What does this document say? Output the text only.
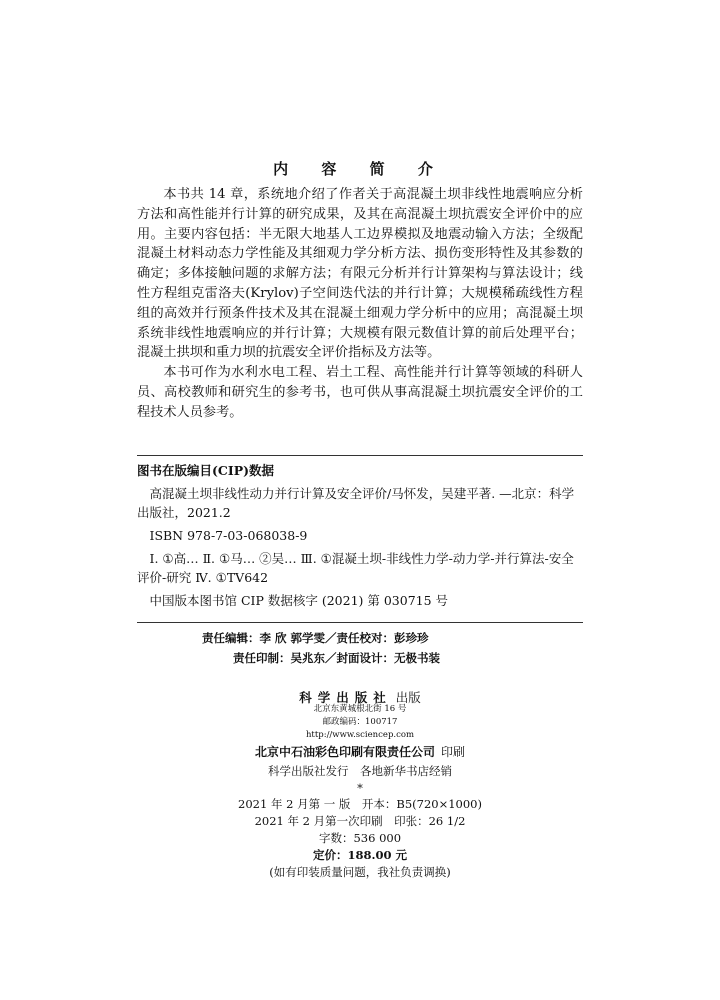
内 容 简 介

本书共 14 章，系统地介绍了作者关于高混凝土坝非线性地震响应分析方法和高性能并行计算的研究成果，及其在高混凝土坝抗震安全评价中的应用。主要内容包括：半无限大地基人工边界模拟及地震动输入方法；全级配混凝土材料动态力学性能及其细观力学分析方法、损伤变形特性及其参数的确定；多体接触问题的求解方法；有限元分析并行计算架构与算法设计；线性方程组克雷洛夫(Krylov)子空间迭代法的并行计算；大规模稀疏线性方程组的高效并行预条件技术及其在混凝土细观力学分析中的应用；高混凝土坝系统非线性地震响应的并行计算；大规模有限元数值计算的前后处理平台；混凝土拱坝和重力坝的抗震安全评价指标及方法等。

本书可作为水利水电工程、岩土工程、高性能并行计算等领域的科研人员、高校教师和研究生的参考书，也可供从事高混凝土坝抗震安全评价的工程技术人员参考。

图书在版编目(CIP)数据
高混凝土坝非线性动力并行计算及安全评价/马怀发，吴建平著. —北京：科学出版社，2021.2
ISBN 978-7-03-068038-9
Ⅰ. ①高… Ⅱ. ①马… ②吴… Ⅲ. ①混凝土坝-非线性力学-动力学-并行算法-安全评价-研究 Ⅳ. ①TV642
中国版本图书馆 CIP 数据核字 (2021) 第 030715 号
责任编辑：李 欣 郭学雯／责任校对：彭珍珍
责任印制：吴兆东／封面设计：无极书装
科学出版社 出版
北京东黄城根北街 16 号
邮政编码：100717
http://www.sciencep.com
北京中石油彩色印刷有限责任公司 印刷
科学出版社发行　各地新华书店经销
*
2021 年 2 月第 一 版　开本：B5(720×1000)
2021 年 2 月第一次印刷　印张：26 1/2
字数：536 000
定价：188.00 元
(如有印装质量问题，我社负责调换)
